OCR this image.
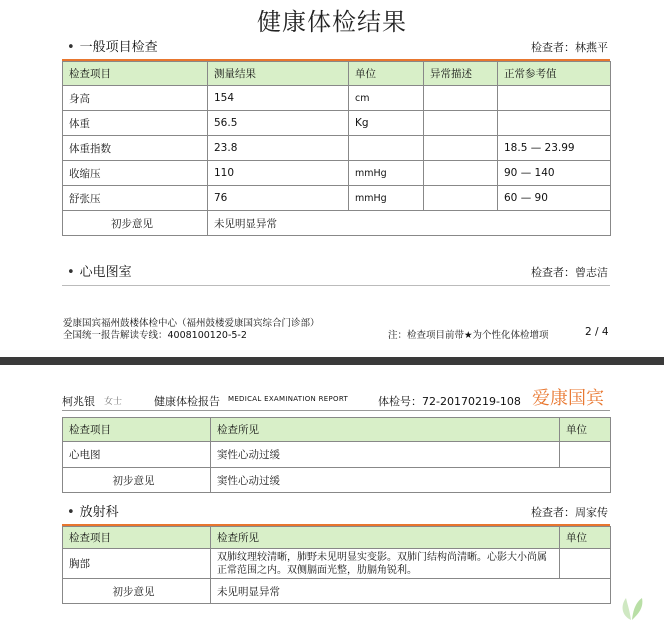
健康体检结果
• 一般项目检查	检查者：林燕平
检查项目	测量结果	单位	异常描述	正常参考值
身高	154	cm		
体重	56.5	Kg		
体重指数	23.8			18.5 — 23.99
收缩压	110	mmHg		90 — 140
舒张压	76	mmHg		60 — 90
初步意见	未见明显异常			
• 心电图室	检查者：曾志洁
爱康国宾福州鼓楼体检中心（福州鼓楼爱康国宾综合门诊部）
全国统一报告解读专线：4008100120-5-2	注：检查项目前带★为个性化体检增项	2 / 4
柯兆银 女士	健康体检报告 MEDICAL EXAMINATION REPORT	体检号：72-20170219-108 爱康国宾
检查项目	检查所见	单位
心电图	窦性心动过缓	
初步意见	窦性心动过缓	
• 放射科	检查者：周家传
检查项目	检查所见	单位
胸部	双肺纹理较清晰，肺野未见明显实变影。双肺门结构尚清晰。心影大小尚属正常范围之内。双侧膈面光整，肋膈角锐利。	
初步意见	未见明显异常	
